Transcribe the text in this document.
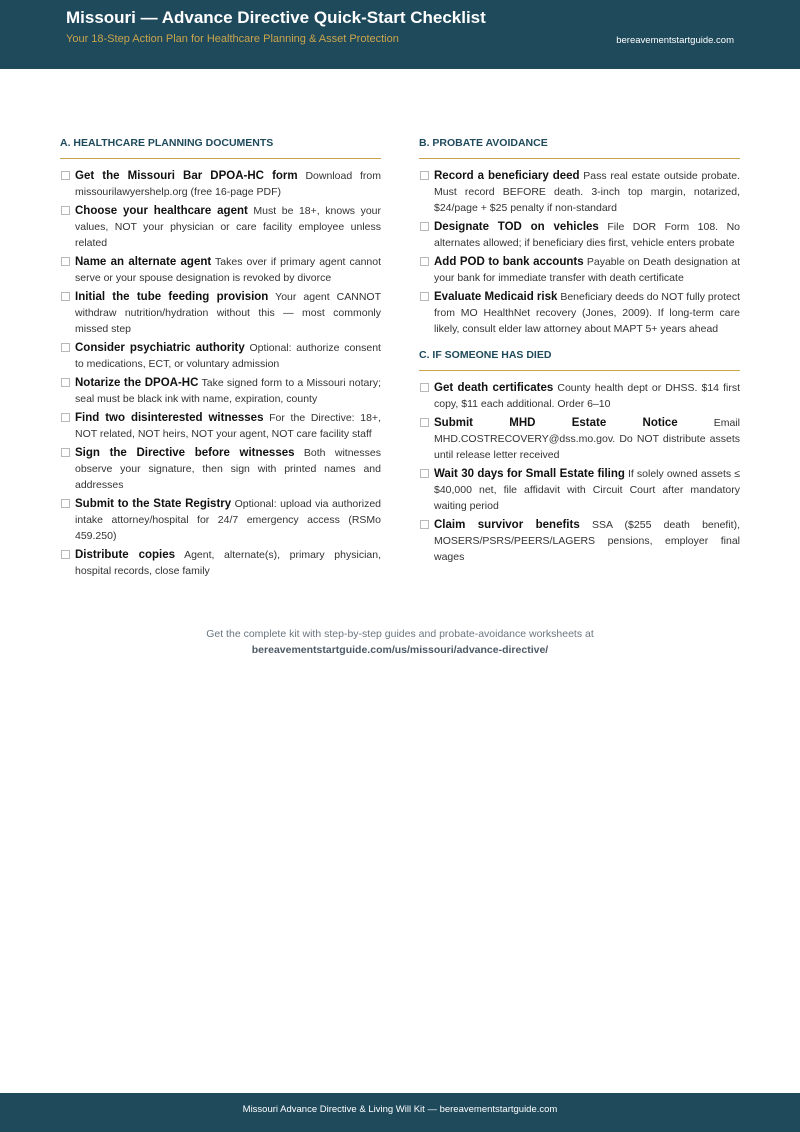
Missouri — Advance Directive Quick-Start Checklist
Your 18-Step Action Plan for Healthcare Planning & Asset Protection	bereavementstartguide.com
A. HEALTHCARE PLANNING DOCUMENTS
Get the Missouri Bar DPOA-HC form Download from missourilawyershelp.org (free 16-page PDF)
Choose your healthcare agent Must be 18+, knows your values, NOT your physician or care facility employee unless related
Name an alternate agent Takes over if primary agent cannot serve or your spouse designation is revoked by divorce
Initial the tube feeding provision Your agent CANNOT withdraw nutrition/hydration without this — most commonly missed step
Consider psychiatric authority Optional: authorize consent to medications, ECT, or voluntary admission
Notarize the DPOA-HC Take signed form to a Missouri notary; seal must be black ink with name, expiration, county
Find two disinterested witnesses For the Directive: 18+, NOT related, NOT heirs, NOT your agent, NOT care facility staff
Sign the Directive before witnesses Both witnesses observe your signature, then sign with printed names and addresses
Submit to the State Registry Optional: upload via authorized intake attorney/hospital for 24/7 emergency access (RSMo 459.250)
Distribute copies Agent, alternate(s), primary physician, hospital records, close family
B. PROBATE AVOIDANCE
Record a beneficiary deed Pass real estate outside probate. Must record BEFORE death. 3-inch top margin, notarized, $24/page + $25 penalty if non-standard
Designate TOD on vehicles File DOR Form 108. No alternates allowed; if beneficiary dies first, vehicle enters probate
Add POD to bank accounts Payable on Death designation at your bank for immediate transfer with death certificate
Evaluate Medicaid risk Beneficiary deeds do NOT fully protect from MO HealthNet recovery (Jones, 2009). If long-term care likely, consult elder law attorney about MAPT 5+ years ahead
C. IF SOMEONE HAS DIED
Get death certificates County health dept or DHSS. $14 first copy, $11 each additional. Order 6–10
Submit MHD Estate Notice	Email MHD.COSTRECOVERY@dss.mo.gov. Do NOT distribute assets until release letter received
Wait 30 days for Small Estate filing If solely owned assets ≤ $40,000 net, file affidavit with Circuit Court after mandatory waiting period
Claim survivor benefits SSA ($255 death benefit), MOSERS/PSRS/PEERS/LAGERS pensions, employer final wages
Get the complete kit with step-by-step guides and probate-avoidance worksheets at
bereavementstartguide.com/us/missouri/advance-directive/
Missouri Advance Directive & Living Will Kit — bereavementstartguide.com
